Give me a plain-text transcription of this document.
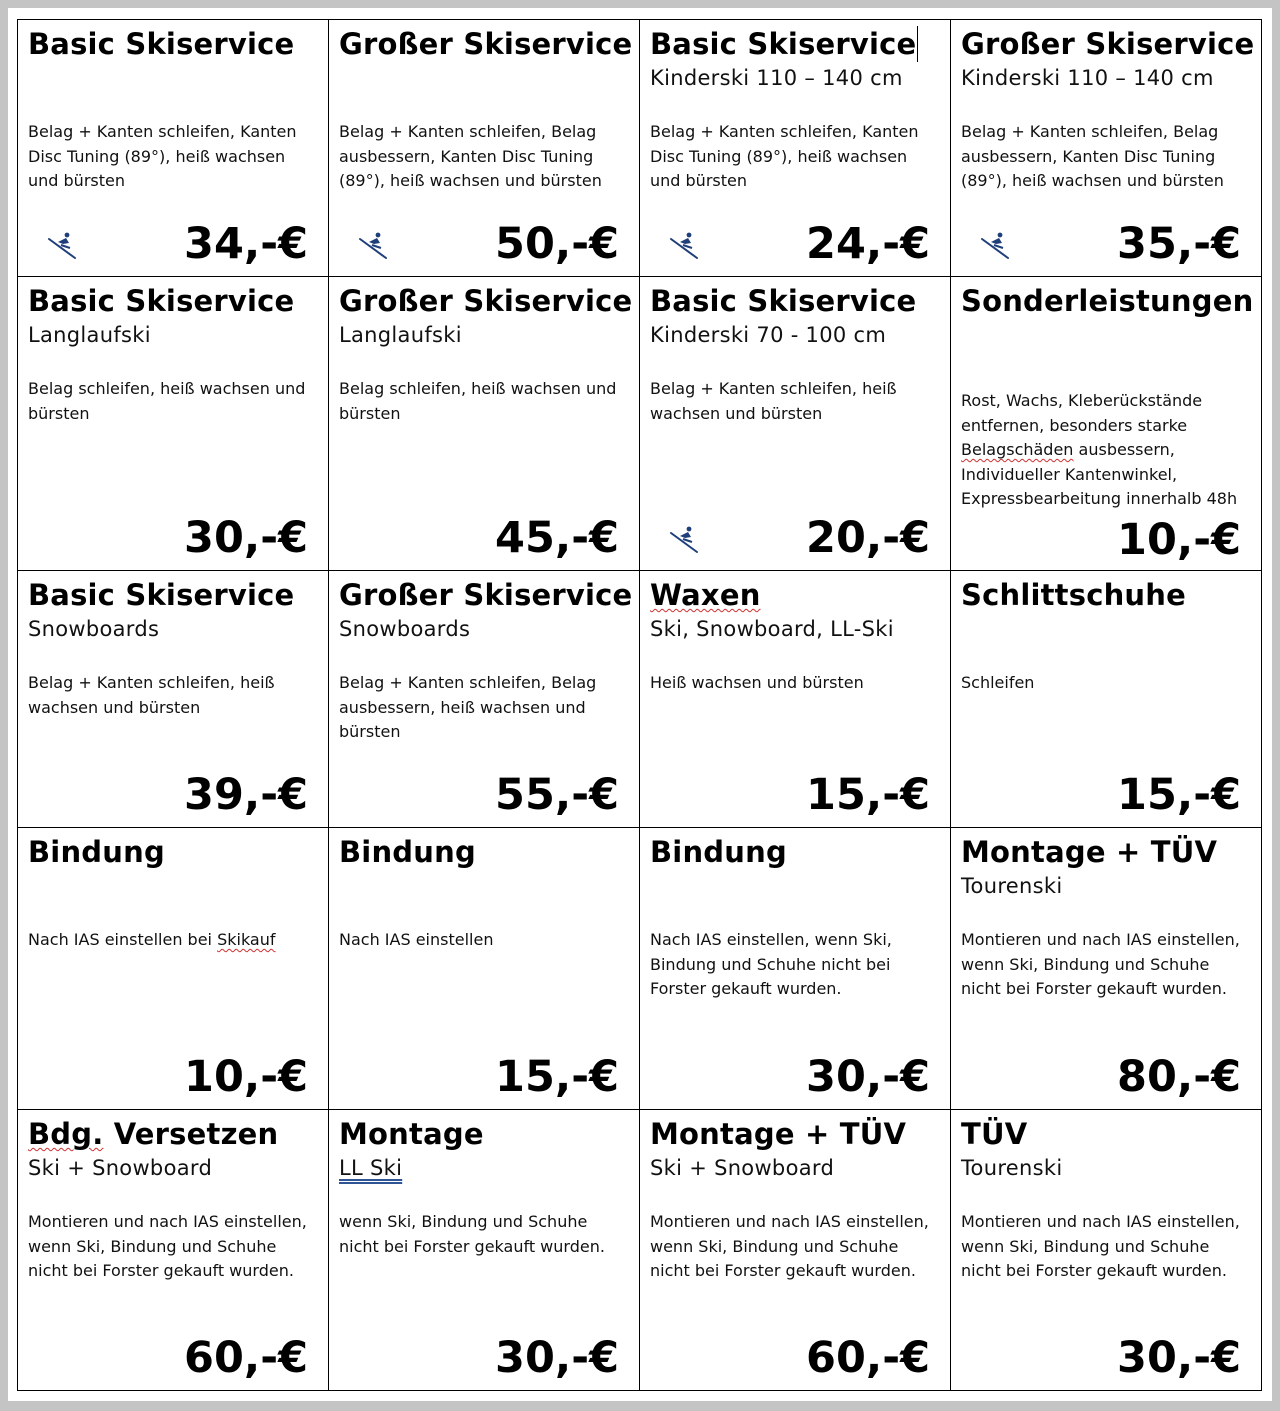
Basic Skiservice
Belag + Kanten schleifen, Kanten Disc Tuning (89°), heiß wachsen und bürsten
34,-€
Großer Skiservice
Belag + Kanten schleifen, Belag ausbessern, Kanten Disc Tuning (89°), heiß wachsen und bürsten
50,-€
Basic Skiservice
Kinderski 110 – 140 cm
Belag + Kanten schleifen, Kanten Disc Tuning (89°), heiß wachsen und bürsten
24,-€
Großer Skiservice
Kinderski 110 – 140 cm
Belag + Kanten schleifen, Belag ausbessern, Kanten Disc Tuning (89°), heiß wachsen und bürsten
35,-€
Basic Skiservice
Langlaufski
Belag schleifen, heiß wachsen und bürsten
30,-€
Großer Skiservice
Langlaufski
Belag schleifen, heiß wachsen und bürsten
45,-€
Basic Skiservice
Kinderski 70 - 100 cm
Belag + Kanten schleifen, heiß wachsen und bürsten
20,-€
Sonderleistungen
Rost, Wachs, Kleberückstände entfernen, besonders starke Belagschäden ausbessern, Individueller Kantenwinkel, Expressbearbeitung innerhalb 48h
10,-€
Basic Skiservice
Snowboards
Belag + Kanten schleifen, heiß wachsen und bürsten
39,-€
Großer Skiservice
Snowboards
Belag + Kanten schleifen, Belag ausbessern, heiß wachsen und bürsten
55,-€
Waxen
Ski, Snowboard, LL-Ski
Heiß wachsen und bürsten
15,-€
Schlittschuhe
Schleifen
15,-€
Bindung
Nach IAS einstellen bei Skikauf
10,-€
Bindung
Nach IAS einstellen
15,-€
Bindung
Nach IAS einstellen, wenn Ski, Bindung und Schuhe nicht bei Forster gekauft wurden.
30,-€
Montage + TÜV
Tourenski
Montieren und nach IAS einstellen, wenn Ski, Bindung und Schuhe nicht bei Forster gekauft wurden.
80,-€
Bdg. Versetzen
Ski + Snowboard
Montieren und nach IAS einstellen, wenn Ski, Bindung und Schuhe nicht bei Forster gekauft wurden.
60,-€
Montage
LL Ski
wenn Ski, Bindung und Schuhe nicht bei Forster gekauft wurden.
30,-€
Montage + TÜV
Ski + Snowboard
Montieren und nach IAS einstellen, wenn Ski, Bindung und Schuhe nicht bei Forster gekauft wurden.
60,-€
TÜV
Tourenski
Montieren und nach IAS einstellen, wenn Ski, Bindung und Schuhe nicht bei Forster gekauft wurden.
30,-€
